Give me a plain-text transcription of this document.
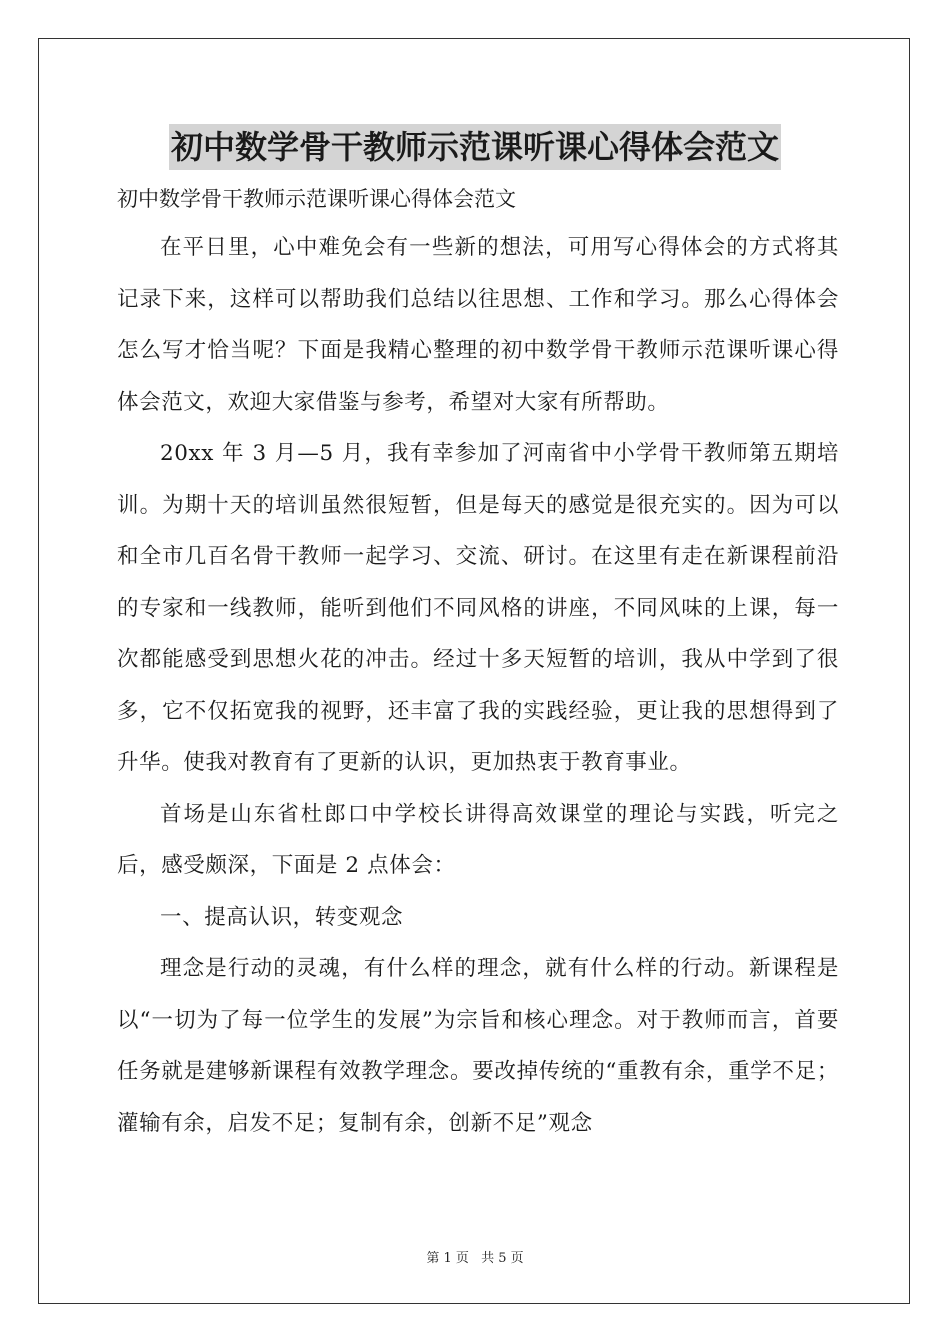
初中数学骨干教师示范课听课心得体会范文

初中数学骨干教师示范课听课心得体会范文

在平日里，心中难免会有一些新的想法，可用写心得体会的方式将其记录下来，这样可以帮助我们总结以往思想、工作和学习。那么心得体会怎么写才恰当呢？下面是我精心整理的初中数学骨干教师示范课听课心得体会范文，欢迎大家借鉴与参考，希望对大家有所帮助。

20xx 年 3 月—5 月，我有幸参加了河南省中小学骨干教师第五期培训。为期十天的培训虽然很短暂，但是每天的感觉是很充实的。因为可以和全市几百名骨干教师一起学习、交流、研讨。在这里有走在新课程前沿的专家和一线教师，能听到他们不同风格的讲座，不同风味的上课，每一次都能感受到思想火花的冲击。经过十多天短暂的培训，我从中学到了很多，它不仅拓宽我的视野，还丰富了我的实践经验，更让我的思想得到了升华。使我对教育有了更新的认识，更加热衷于教育事业。

首场是山东省杜郎口中学校长讲得高效课堂的理论与实践，听完之后，感受颇深，下面是 2 点体会：

一、提高认识，转变观念

理念是行动的灵魂，有什么样的理念，就有什么样的行动。新课程是以“一切为了每一位学生的发展”为宗旨和核心理念。对于教师而言，首要任务就是建够新课程有效教学理念。要改掉传统的“重教有余，重学不足；灌输有余，启发不足；复制有余，创新不足”观念

第 1 页 共 5 页
